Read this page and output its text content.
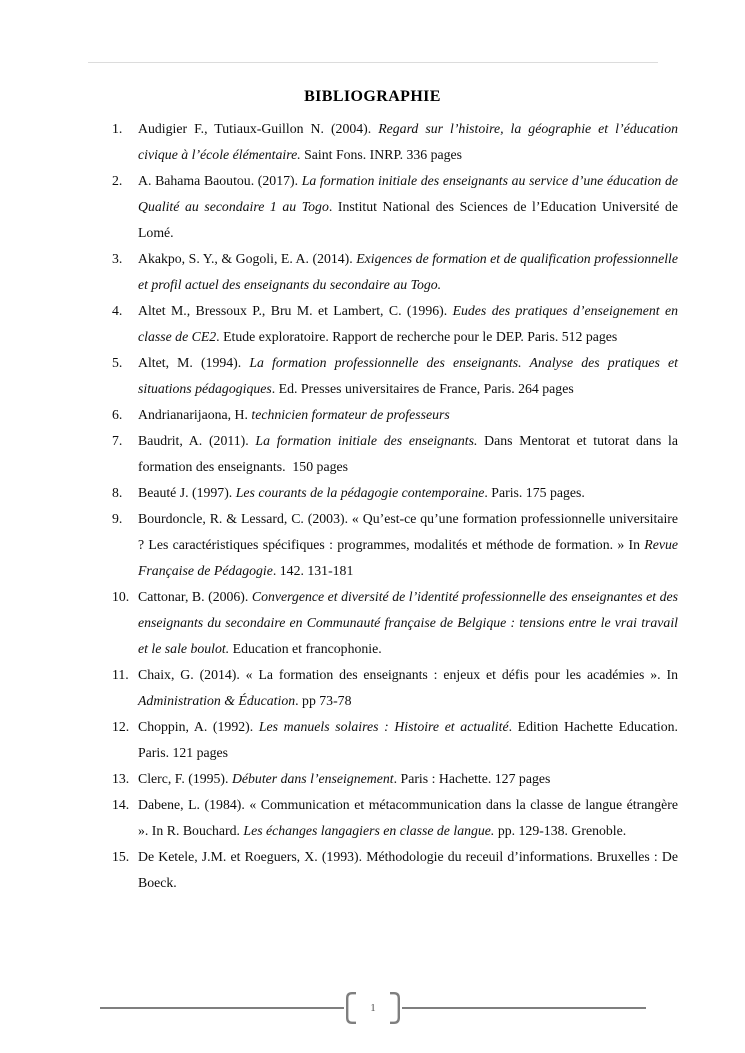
BIBLIOGRAPHIE
1. Audigier F., Tutiaux-Guillon N. (2004). Regard sur l’histoire, la géographie et l’éducation civique à l’école élémentaire. Saint Fons. INRP. 336 pages
2. A. Bahama Baoutou. (2017). La formation initiale des enseignants au service d’une éducation de Qualité au secondaire 1 au Togo. Institut National des Sciences de l’Education Université de Lomé.
3. Akakpo, S. Y., & Gogoli, E. A. (2014). Exigences de formation et de qualification professionnelle et profil actuel des enseignants du secondaire au Togo.
4. Altet M., Bressoux P., Bru M. et Lambert, C. (1996). Eudes des pratiques d’enseignement en classe de CE2. Etude exploratoire. Rapport de recherche pour le DEP. Paris. 512 pages
5. Altet, M. (1994). La formation professionnelle des enseignants. Analyse des pratiques et situations pédagogiques. Ed. Presses universitaires de France, Paris. 264 pages
6. Andrianarijaona, H. technicien formateur de professeurs
7. Baudrit, A. (2011). La formation initiale des enseignants. Dans Mentorat et tutorat dans la formation des enseignants.  150 pages
8. Beauté J. (1997). Les courants de la pédagogie contemporaine. Paris. 175 pages.
9. Bourdoncle, R. & Lessard, C. (2003). « Qu’est-ce qu’une formation professionnelle universitaire ? Les caractéristiques spécifiques : programmes, modalités et méthode de formation. » In Revue Française de Pédagogie. 142. 131-181
10. Cattonar, B. (2006). Convergence et diversité de l’identité professionnelle des enseignantes et des enseignants du secondaire en Communauté française de Belgique : tensions entre le vrai travail et le sale boulot. Education et francophonie.
11. Chaix, G. (2014). « La formation des enseignants : enjeux et défis pour les académies ». In Administration & Éducation. pp 73-78
12. Choppin, A. (1992). Les manuels solaires : Histoire et actualité. Edition Hachette Education. Paris. 121 pages
13. Clerc, F. (1995). Débuter dans l’enseignement. Paris : Hachette. 127 pages
14. Dabene, L. (1984). « Communication et métacommunication dans la classe de langue étrangère ». In R. Bouchard. Les échanges langagiers en classe de langue. pp. 129-138. Grenoble.
15. De Ketele, J.M. et Roeguers, X. (1993). Méthodologie du receuil d’informations. Bruxelles : De Boeck.
1
